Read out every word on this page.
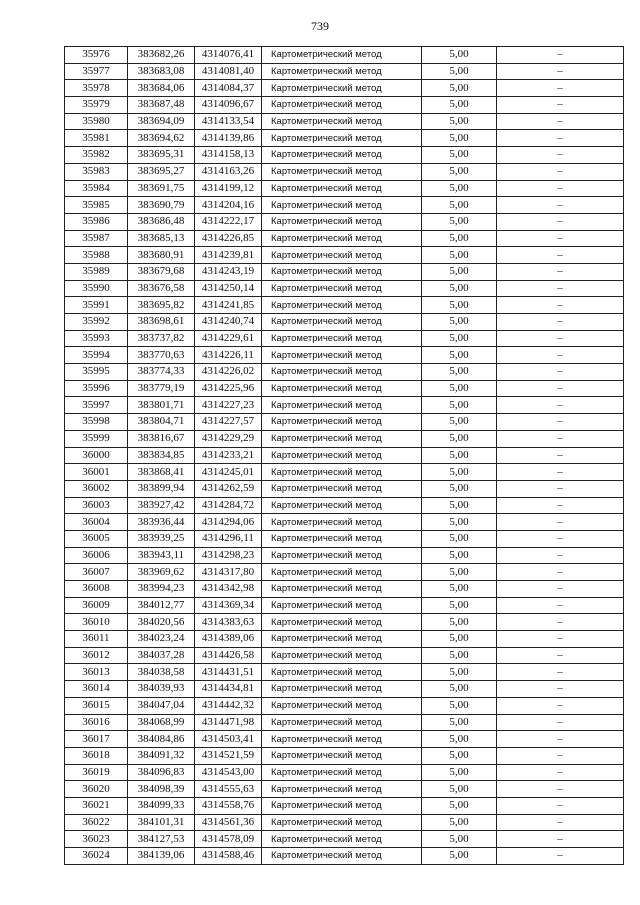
739
35976	383682,26	4314076,41	Картометрический метод	5,00	–
35977	383683,08	4314081,40	Картометрический метод	5,00	–
35978	383684,06	4314084,37	Картометрический метод	5,00	–
35979	383687,48	4314096,67	Картометрический метод	5,00	–
35980	383694,09	4314133,54	Картометрический метод	5,00	–
35981	383694,62	4314139,86	Картометрический метод	5,00	–
35982	383695,31	4314158,13	Картометрический метод	5,00	–
35983	383695,27	4314163,26	Картометрический метод	5,00	–
35984	383691,75	4314199,12	Картометрический метод	5,00	–
35985	383690,79	4314204,16	Картометрический метод	5,00	–
35986	383686,48	4314222,17	Картометрический метод	5,00	–
35987	383685,13	4314226,85	Картометрический метод	5,00	–
35988	383680,91	4314239,81	Картометрический метод	5,00	–
35989	383679,68	4314243,19	Картометрический метод	5,00	–
35990	383676,58	4314250,14	Картометрический метод	5,00	–
35991	383695,82	4314241,85	Картометрический метод	5,00	–
35992	383698,61	4314240,74	Картометрический метод	5,00	–
35993	383737,82	4314229,61	Картометрический метод	5,00	–
35994	383770,63	4314226,11	Картометрический метод	5,00	–
35995	383774,33	4314226,02	Картометрический метод	5,00	–
35996	383779,19	4314225,96	Картометрический метод	5,00	–
35997	383801,71	4314227,23	Картометрический метод	5,00	–
35998	383804,71	4314227,57	Картометрический метод	5,00	–
35999	383816,67	4314229,29	Картометрический метод	5,00	–
36000	383834,85	4314233,21	Картометрический метод	5,00	–
36001	383868,41	4314245,01	Картометрический метод	5,00	–
36002	383899,94	4314262,59	Картометрический метод	5,00	–
36003	383927,42	4314284,72	Картометрический метод	5,00	–
36004	383936,44	4314294,06	Картометрический метод	5,00	–
36005	383939,25	4314296,11	Картометрический метод	5,00	–
36006	383943,11	4314298,23	Картометрический метод	5,00	–
36007	383969,62	4314317,80	Картометрический метод	5,00	–
36008	383994,23	4314342,98	Картометрический метод	5,00	–
36009	384012,77	4314369,34	Картометрический метод	5,00	–
36010	384020,56	4314383,63	Картометрический метод	5,00	–
36011	384023,24	4314389,06	Картометрический метод	5,00	–
36012	384037,28	4314426,58	Картометрический метод	5,00	–
36013	384038,58	4314431,51	Картометрический метод	5,00	–
36014	384039,93	4314434,81	Картометрический метод	5,00	–
36015	384047,04	4314442,32	Картометрический метод	5,00	–
36016	384068,99	4314471,98	Картометрический метод	5,00	–
36017	384084,86	4314503,41	Картометрический метод	5,00	–
36018	384091,32	4314521,59	Картометрический метод	5,00	–
36019	384096,83	4314543,00	Картометрический метод	5,00	–
36020	384098,39	4314555,63	Картометрический метод	5,00	–
36021	384099,33	4314558,76	Картометрический метод	5,00	–
36022	384101,31	4314561,36	Картометрический метод	5,00	–
36023	384127,53	4314578,09	Картометрический метод	5,00	–
36024	384139,06	4314588,46	Картометрический метод	5,00	–
